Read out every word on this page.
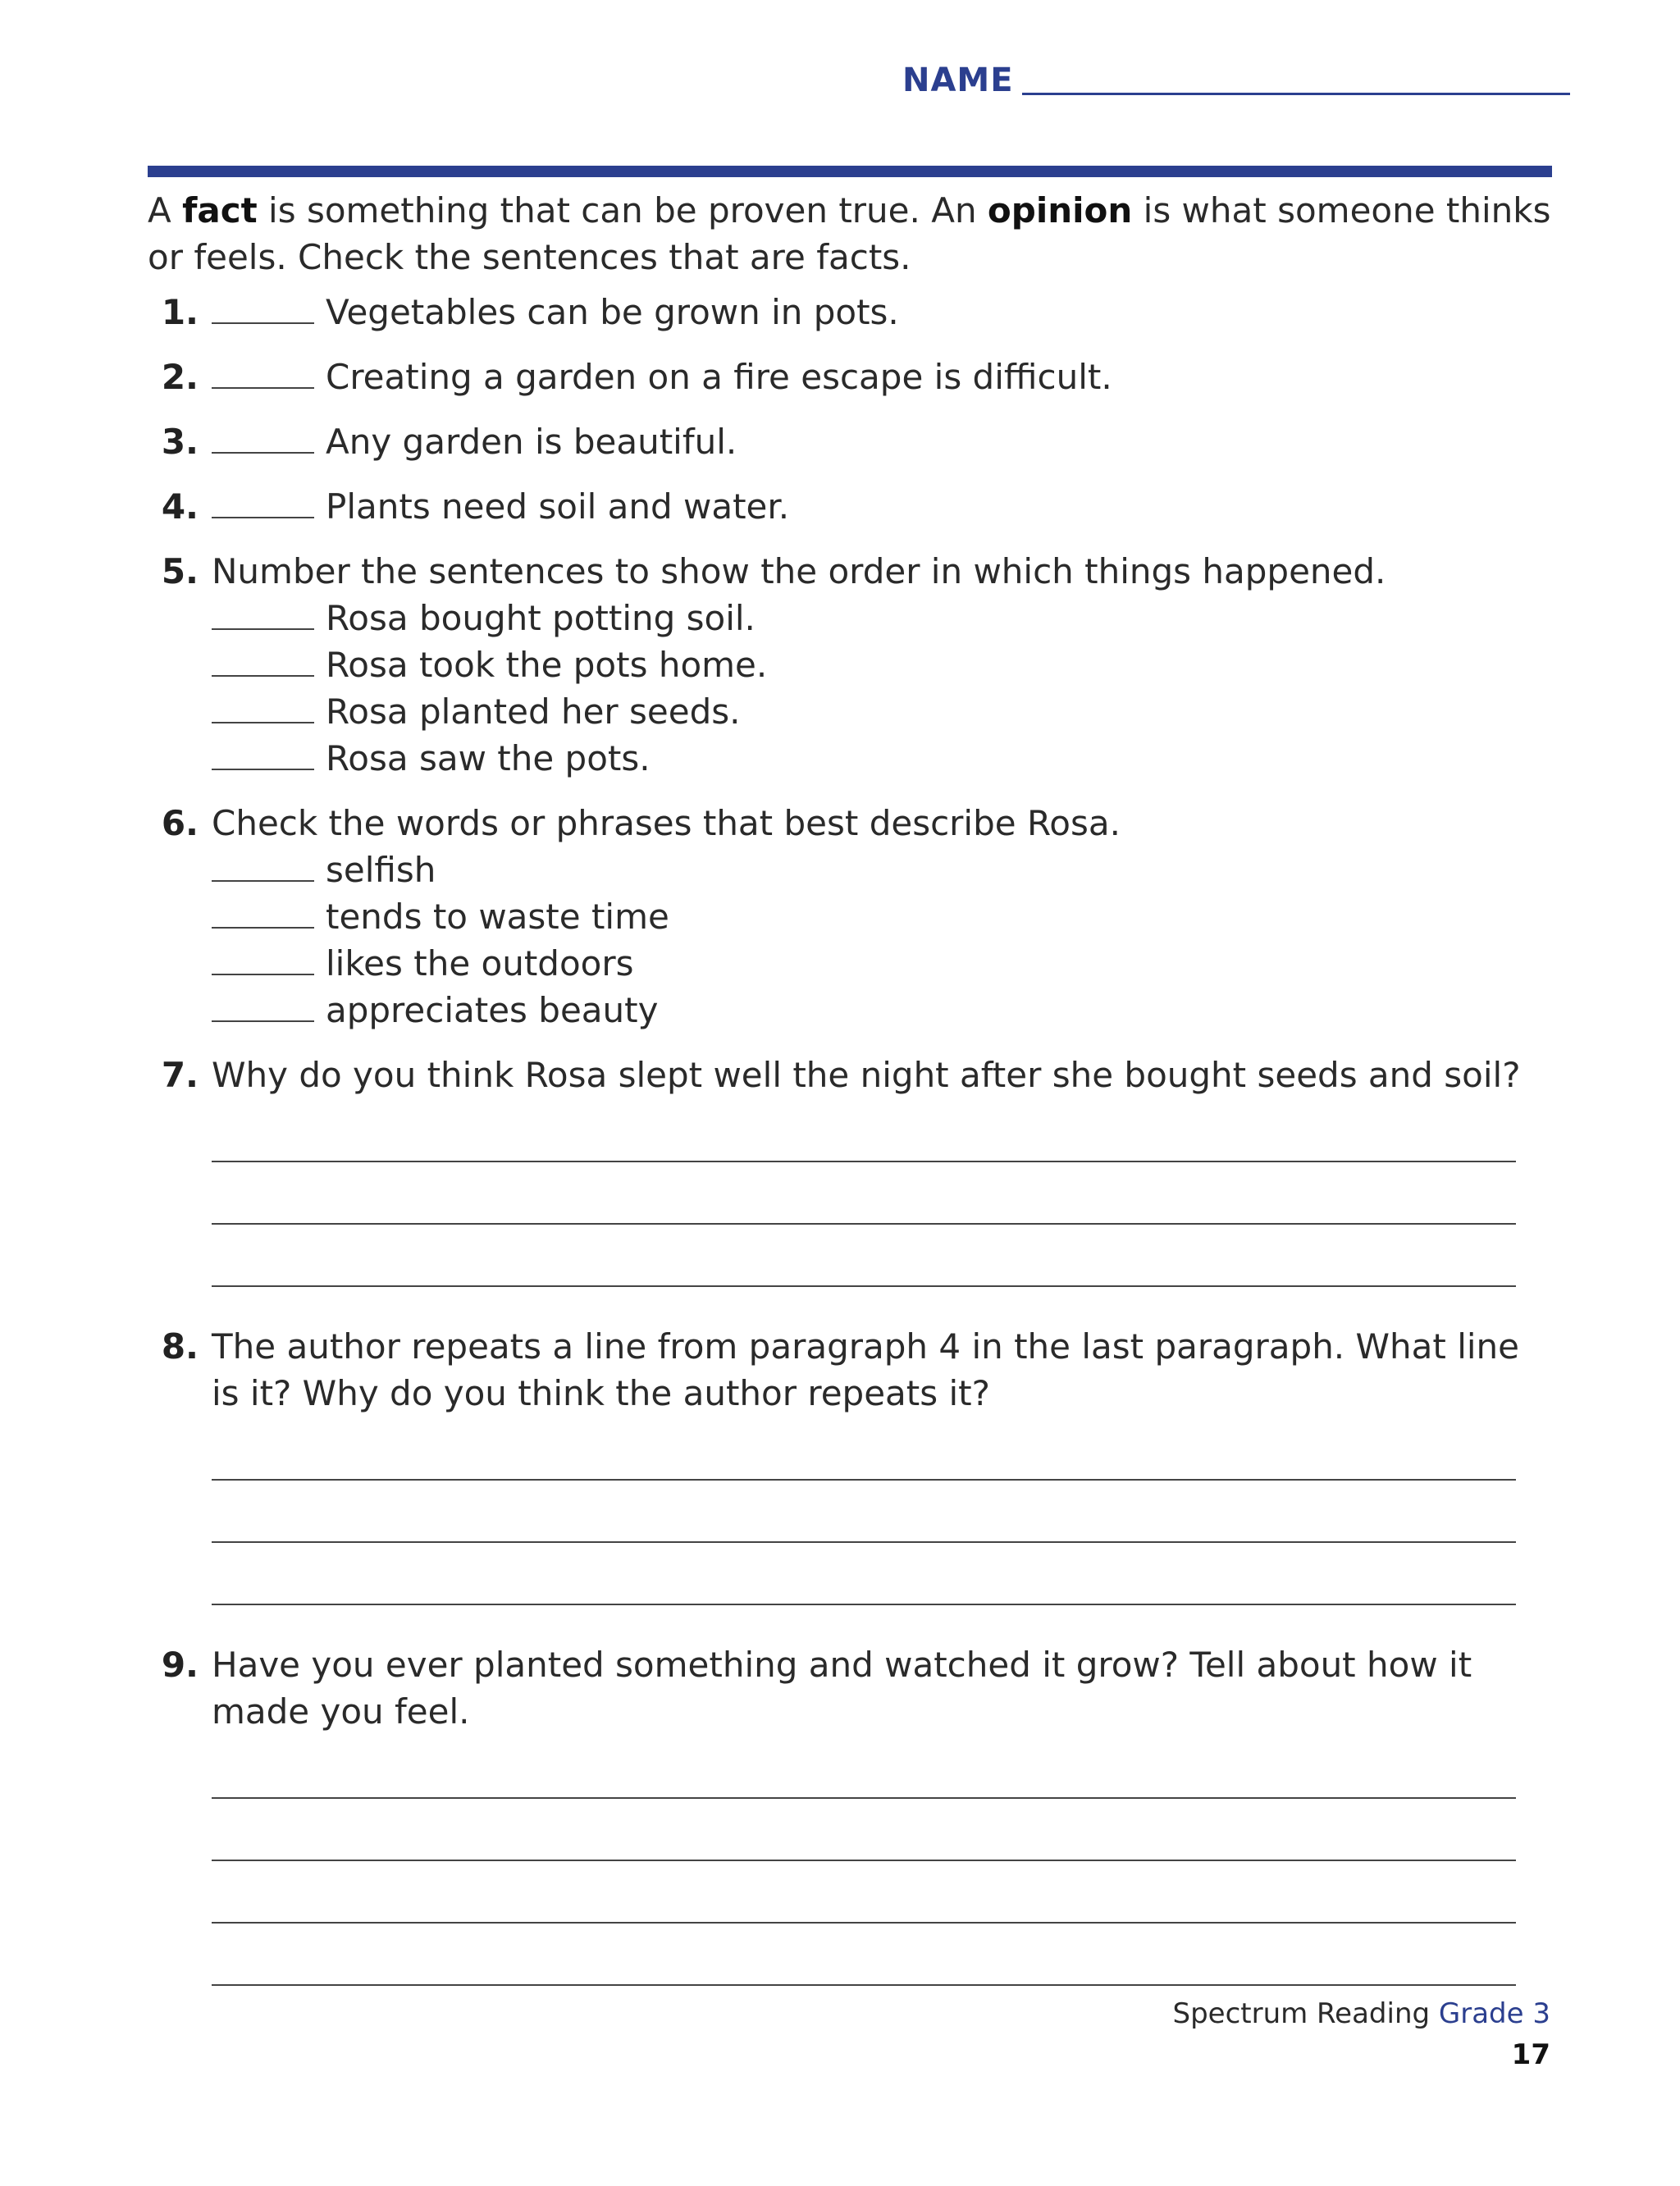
NAME

A fact is something that can be proven true. An opinion is what someone thinks or feels. Check the sentences that are facts.

1.	Vegetables can be grown in pots.
2.	Creating a garden on a fire escape is difficult.
3.	Any garden is beautiful.
4.	Plants need soil and water.
5. Number the sentences to show the order in which things happened.
Rosa bought potting soil.
Rosa took the pots home.
Rosa planted her seeds.
Rosa saw the pots.
6. Check the words or phrases that best describe Rosa.
selfish
tends to waste time
likes the outdoors
appreciates beauty
7. Why do you think Rosa slept well the night after she bought seeds and soil?
8. The author repeats a line from paragraph 4 in the last paragraph. What line is it? Why do you think the author repeats it?
9. Have you ever planted something and watched it grow? Tell about how it made you feel.
Spectrum Reading Grade 3
17
